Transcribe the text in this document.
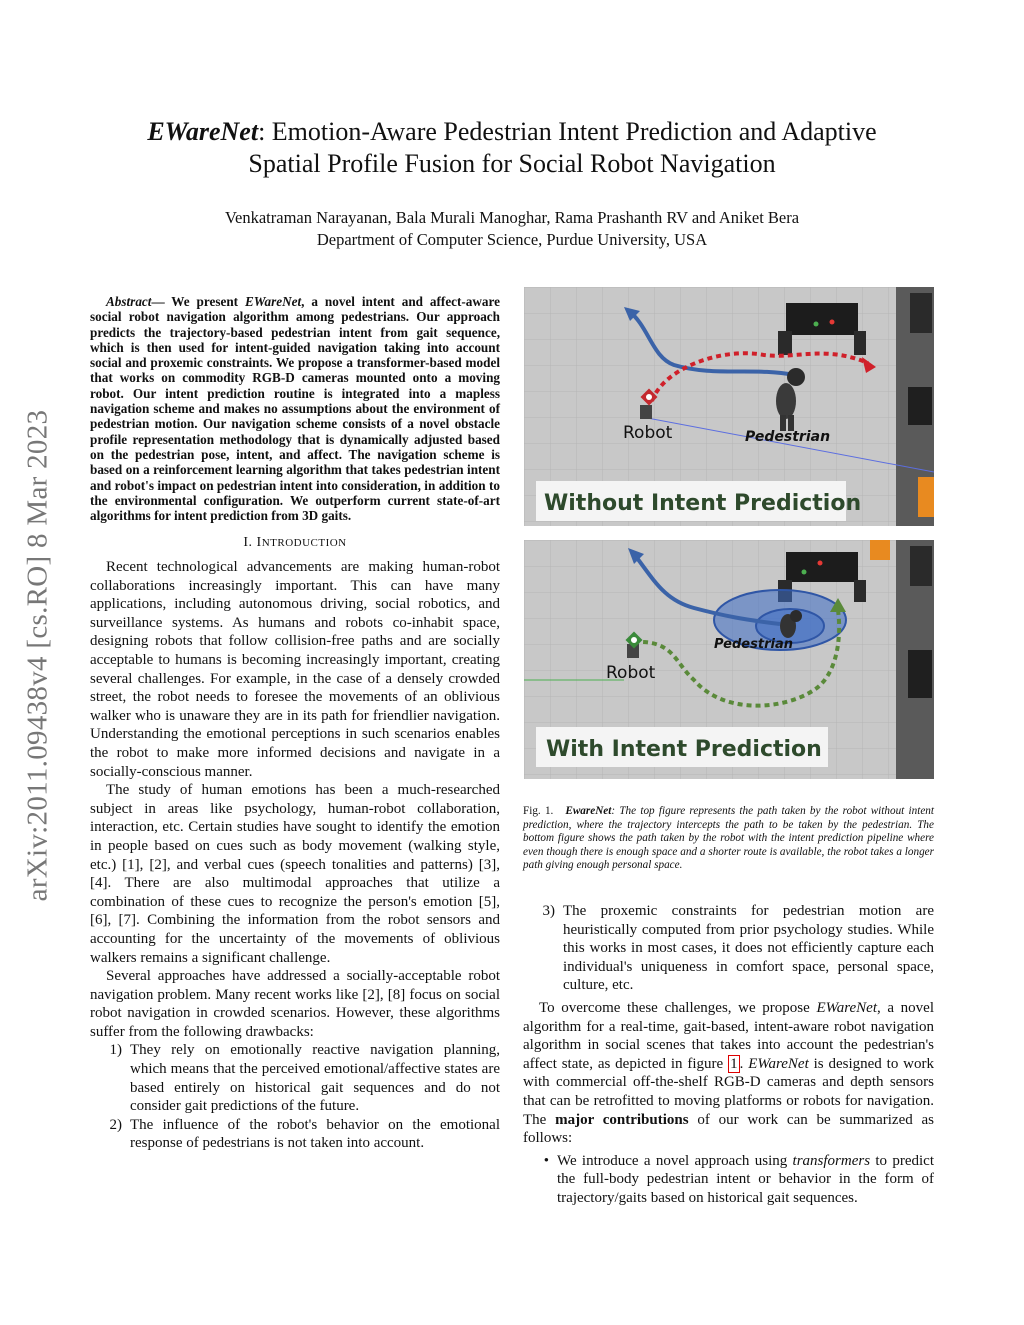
arXiv:2011.09438v4 [cs.RO] 8 Mar 2023
EWareNet: Emotion-Aware Pedestrian Intent Prediction and Adaptive
Spatial Profile Fusion for Social Robot Navigation
Venkatraman Narayanan, Bala Murali Manoghar, Rama Prashanth RV and Aniket Bera
Department of Computer Science, Purdue University, USA
Abstract— We present EWareNet, a novel intent and affect-aware social robot navigation algorithm among pedestrians. Our approach predicts the trajectory-based pedestrian intent from gait sequence, which is then used for intent-guided navigation taking into account social and proxemic constraints. We propose a transformer-based model that works on commodity RGB-D cameras mounted onto a moving robot. Our intent prediction routine is integrated into a mapless navigation scheme and makes no assumptions about the environment of pedestrian motion. Our navigation scheme consists of a novel obstacle profile representation methodology that is dynamically adjusted based on the pedestrian pose, intent, and affect. The navigation scheme is based on a reinforcement learning algorithm that takes pedestrian intent and robot's impact on pedestrian intent into consideration, in addition to the environmental configuration. We outperform current state-of-art algorithms for intent prediction from 3D gaits.
I. INTRODUCTION

Recent technological advancements are making human-robot collaborations increasingly important. This can have many applications, including autonomous driving, social robotics, and surveillance systems. As humans and robots co-inhabit space, designing robots that follow collision-free paths and are socially acceptable to humans is becoming increasingly important, creating several challenges. For example, in the case of a densely crowded street, the robot needs to foresee the movements of an oblivious walker who is unaware they are in its path for friendlier navigation. Understanding the emotional perceptions in such scenarios enables the robot to make more informed decisions and navigate in a socially-conscious manner.

The study of human emotions has been a much-researched subject in areas like psychology, human-robot collaboration, interaction, etc. Certain studies have sought to identify the emotion in people based on cues such as body movement (walking style, etc.) [1], [2], and verbal cues (speech tonalities and patterns) [3], [4]. There are also multimodal approaches that utilize a combination of these cues to recognize the person's emotion [5], [6], [7]. Combining the information from the robot sensors and accounting for the uncertainty of the movements of oblivious walkers remains a significant challenge.

Several approaches have addressed a socially-acceptable robot navigation problem. Many recent works like [2], [8] focus on social robot navigation in crowded scenarios. However, these algorithms suffer from the following drawbacks:

1) They rely on emotionally reactive navigation planning, which means that the perceived emotional/affective states are based entirely on historical gait sequences and do not consider gait predictions of the future.
2) The influence of the robot's behavior on the emotional response of pedestrians is not taken into account.
Robot	Pedestrian
Without Intent Prediction
Robot
Pedestrian
With Intent Prediction
Fig. 1. EwareNet: The top figure represents the path taken by the robot without intent prediction, where the trajectory intercepts the path to be taken by the pedestrian. The bottom figure shows the path taken by the robot with the intent prediction pipeline where even though there is enough space and a shorter route is available, the robot takes a longer path giving enough personal space.
3) The proxemic constraints for pedestrian motion are heuristically computed from prior psychology studies. While this works in most cases, it does not efficiently capture each individual's uniqueness in comfort space, personal space, culture, etc.

To overcome these challenges, we propose EWareNet, a novel algorithm for a real-time, gait-based, intent-aware robot navigation algorithm in social scenes that takes into account the pedestrian's affect state, as depicted in figure 1 . EWareNet is designed to work with commercial off-the-shelf RGB-D cameras and depth sensors that can be retrofitted to moving platforms or robots for navigation. The major contributions of our work can be summarized as follows:

• We introduce a novel approach using transformers to predict the full-body pedestrian intent or behavior in the form of trajectory/gaits based on historical gait sequences.
